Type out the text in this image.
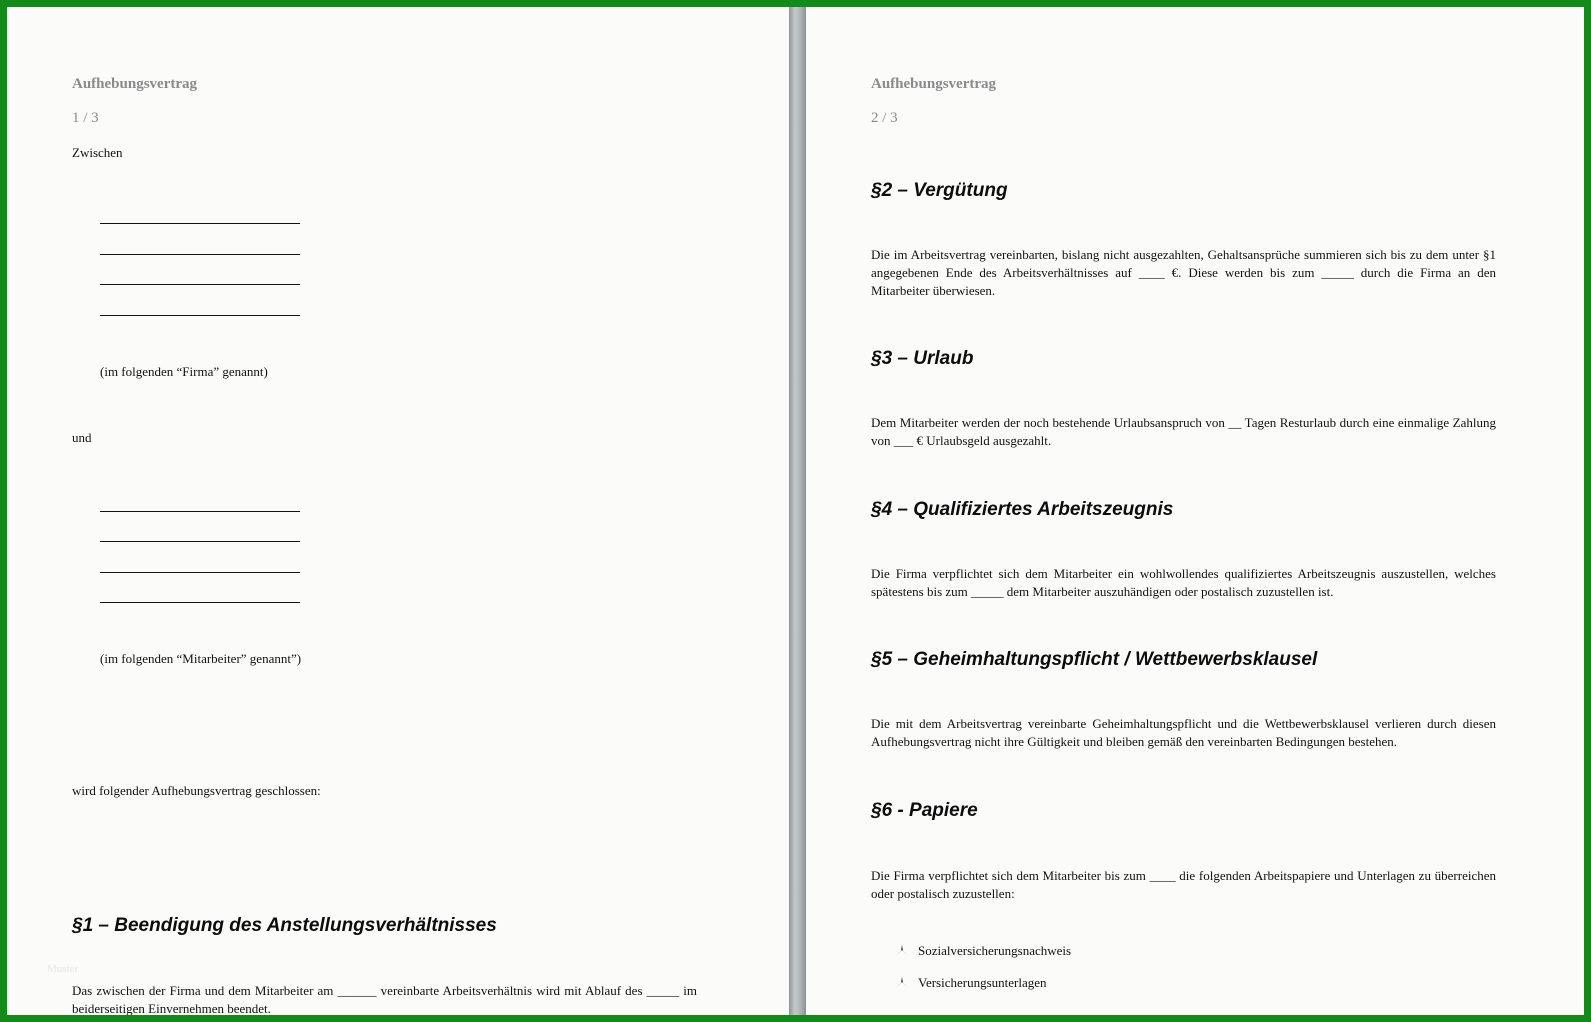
Aufhebungsvertrag
1 / 3
Zwischen
(im folgenden “Firma” genannt)
und
(im folgenden “Mitarbeiter” genannt”)
wird folgender Aufhebungsvertrag geschlossen:
§1 – Beendigung des Anstellungsverhältnisses
Muster
Das zwischen der Firma und dem Mitarbeiter am ______ vereinbarte Arbeitsverhältnis wird mit Ablauf des _____ im beiderseitigen Einvernehmen beendet.
Aufhebungsvertrag
2 / 3
§2 – Vergütung
Die im Arbeitsvertrag vereinbarten, bislang nicht ausgezahlten, Gehaltsansprüche summieren sich bis zu dem unter §1 angegebenen Ende des Arbeitsverhältnisses auf ____ €. Diese werden bis zum _____ durch die Firma an den Mitarbeiter überwiesen.
§3 – Urlaub
Dem Mitarbeiter werden der noch bestehende Urlaubsanspruch von __ Tagen Resturlaub durch eine einmalige Zahlung von ___ € Urlaubsgeld ausgezahlt.
§4 – Qualifiziertes Arbeitszeugnis
Die Firma verpflichtet sich dem Mitarbeiter ein wohlwollendes qualifiziertes Arbeitszeugnis auszustellen, welches spätestens bis zum _____ dem Mitarbeiter auszuhändigen oder postalisch zuzustellen ist.
§5 – Geheimhaltungspflicht / Wettbewerbsklausel
Die mit dem Arbeitsvertrag vereinbarte Geheimhaltungspflicht und die Wettbewerbsklausel verlieren durch diesen Aufhebungsvertrag nicht ihre Gültigkeit und bleiben gemäß den vereinbarten Bedingungen bestehen.
§6 - Papiere
Die Firma verpflichtet sich dem Mitarbeiter bis zum ____ die folgenden Arbeitspapiere und Unterlagen zu überreichen oder postalisch zuzustellen:
Sozialversicherungsnachweis
Versicherungsunterlagen
